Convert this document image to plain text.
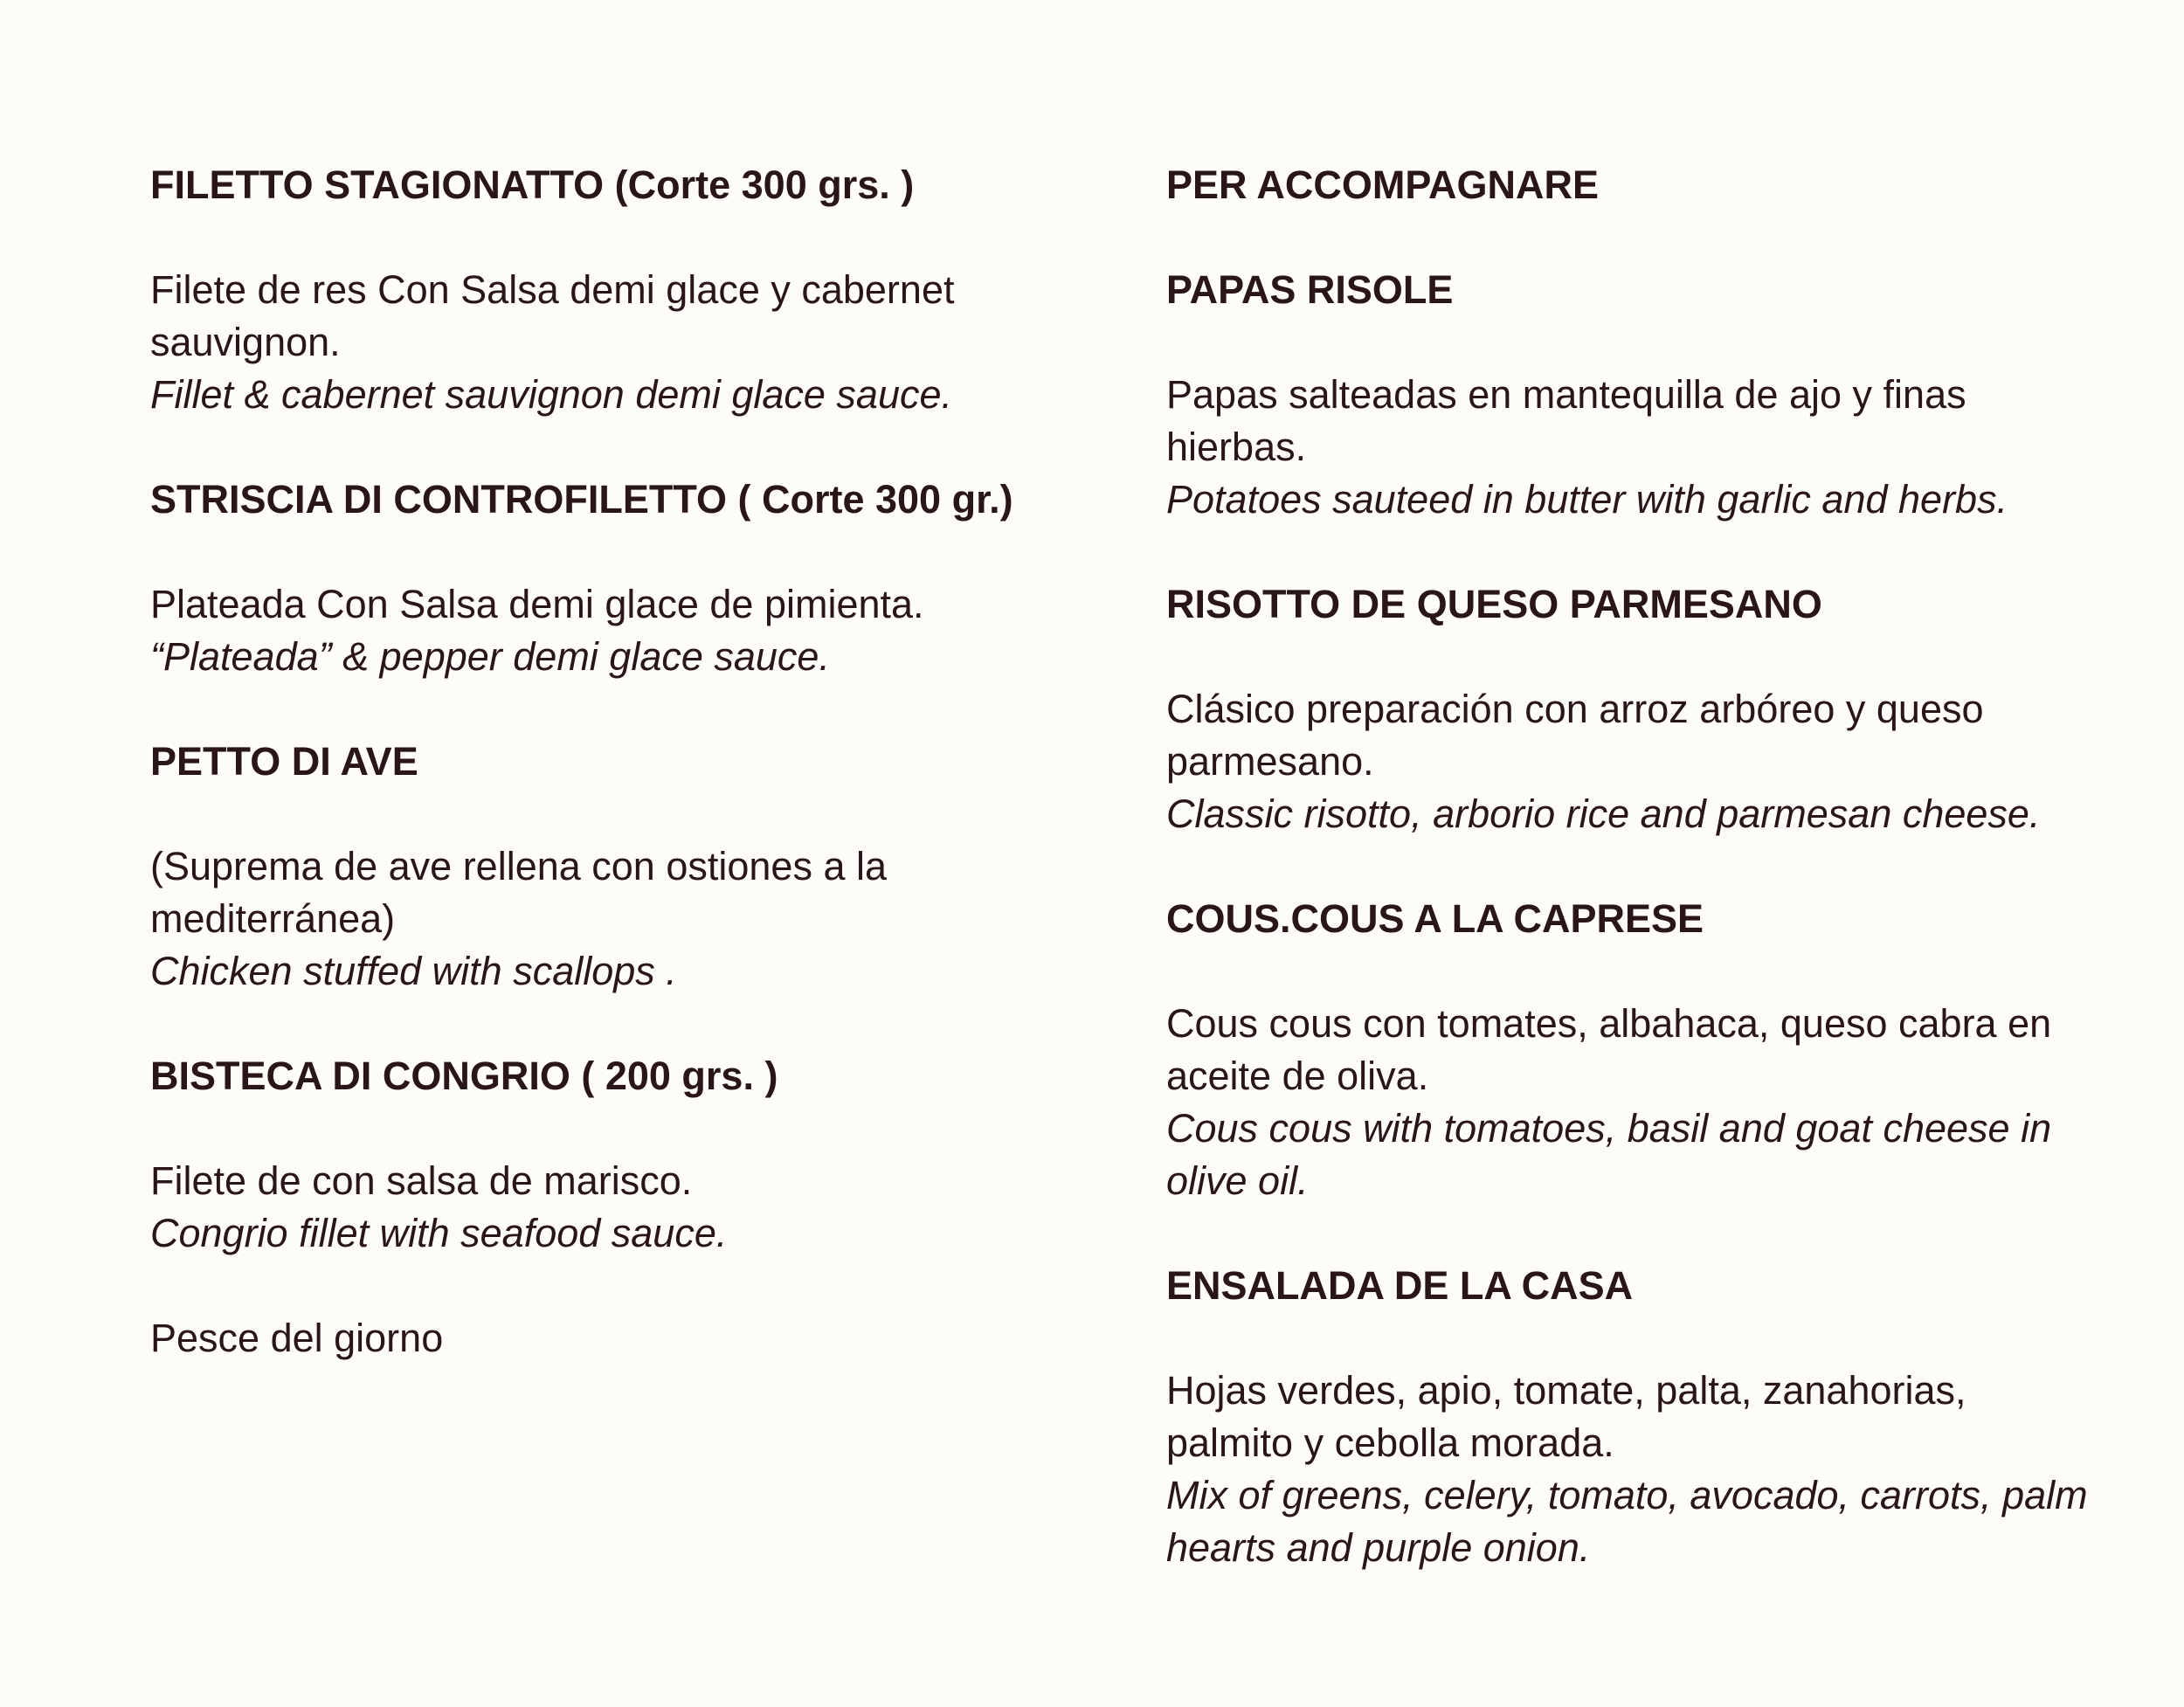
FILETTO STAGIONATTO (Corte 300 grs. )
Filete de res Con Salsa demi glace y cabernet
sauvignon.
Fillet & cabernet sauvignon demi glace sauce.
STRISCIA DI CONTROFILETTO ( Corte 300 gr.)
Plateada Con Salsa demi glace de pimienta.
“Plateada” & pepper demi glace sauce.
PETTO DI AVE
(Suprema de ave rellena con ostiones a la
mediterránea)
Chicken stuffed with scallops .
BISTECA DI CONGRIO ( 200 grs. )
Filete de con salsa de marisco.
Congrio fillet with seafood sauce.
Pesce del giorno
PER ACCOMPAGNARE
PAPAS RISOLE
Papas salteadas en mantequilla de ajo y finas
hierbas.
Potatoes sauteed in butter with garlic and herbs.
RISOTTO DE QUESO PARMESANO
Clásico preparación con arroz arbóreo y queso
parmesano.
Classic risotto, arborio rice and parmesan cheese.
COUS.COUS A LA CAPRESE
Cous cous con tomates, albahaca, queso cabra en
aceite de oliva.
Cous cous with tomatoes, basil and goat cheese in
olive oil.
ENSALADA DE LA CASA
Hojas verdes, apio, tomate, palta, zanahorias,
palmito y cebolla morada.
Mix of greens, celery, tomato, avocado, carrots, palm
hearts and purple onion.
